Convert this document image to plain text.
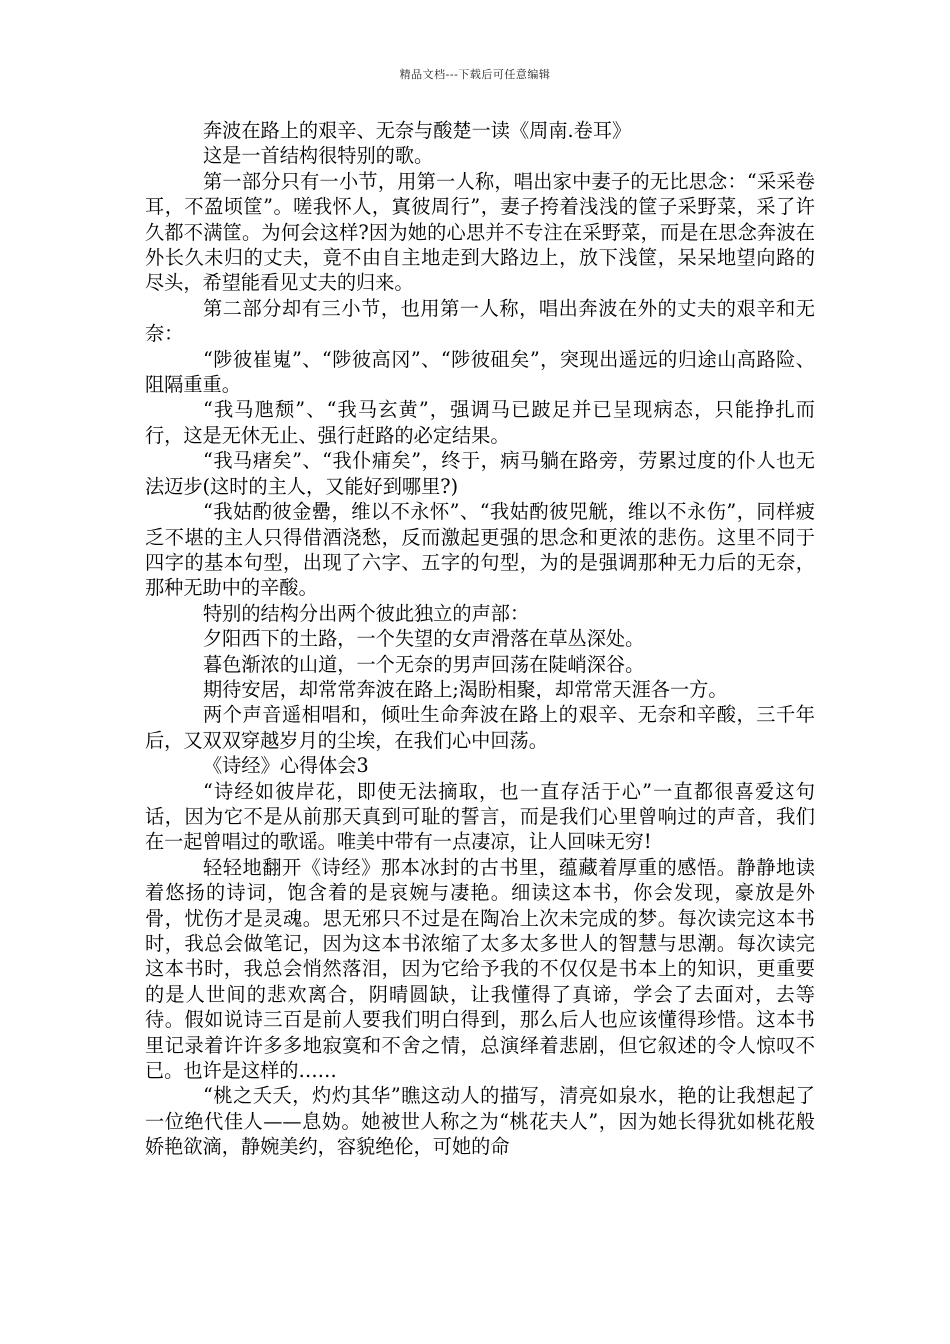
精品文档---下载后可任意编辑

奔波在路上的艰辛、无奈与酸楚一读《周南.卷耳》

这是一首结构很特别的歌。

第一部分只有一小节，用第一人称，唱出家中妻子的无比思念：“采采卷耳，不盈顷筐”。嗟我怀人，寘彼周行”，妻子挎着浅浅的筐子采野菜，采了许久都不满筐。为何会这样?因为她的心思并不专注在采野菜，而是在思念奔波在外长久未归的丈夫，竟不由自主地走到大路边上，放下浅筐，呆呆地望向路的尽头，希望能看见丈夫的归来。

第二部分却有三小节，也用第一人称，唱出奔波在外的丈夫的艰辛和无奈：

“陟彼崔嵬”、“陟彼高冈”、“陟彼砠矣”，突现出遥远的归途山高路险、阻隔重重。

“我马虺颓”、“我马玄黄”，强调马已跛足并已呈现病态，只能挣扎而行，这是无休无止、强行赶路的必定结果。

“我马瘏矣”、“我仆痡矣”，终于，病马躺在路旁，劳累过度的仆人也无法迈步(这时的主人，又能好到哪里?)

“我姑酌彼金罍，维以不永怀”、“我姑酌彼兕觥，维以不永伤”，同样疲乏不堪的主人只得借酒浇愁，反而激起更强的思念和更浓的悲伤。这里不同于四字的基本句型，出现了六字、五字的句型，为的是强调那种无力后的无奈，那种无助中的辛酸。

特别的结构分出两个彼此独立的声部：

夕阳西下的土路，一个失望的女声滑落在草丛深处。

暮色渐浓的山道，一个无奈的男声回荡在陡峭深谷。

期待安居，却常常奔波在路上;渴盼相聚，却常常天涯各一方。

两个声音遥相唱和，倾吐生命奔波在路上的艰辛、无奈和辛酸，三千年后，又双双穿越岁月的尘埃，在我们心中回荡。

《诗经》心得体会3

“诗经如彼岸花，即使无法摘取，也一直存活于心”一直都很喜爱这句话，因为它不是从前那天真到可耻的誓言，而是我们心里曾响过的声音，我们在一起曾唱过的歌谣。唯美中带有一点凄凉，让人回味无穷!

轻轻地翻开《诗经》那本冰封的古书里，蕴藏着厚重的感悟。静静地读着悠扬的诗词，饱含着的是哀婉与凄艳。细读这本书，你会发现，豪放是外骨，忧伤才是灵魂。思无邪只不过是在陶冶上次未完成的梦。每次读完这本书时，我总会做笔记，因为这本书浓缩了太多太多世人的智慧与思潮。每次读完这本书时，我总会悄然落泪，因为它给予我的不仅仅是书本上的知识，更重要的是人世间的悲欢离合，阴晴圆缺，让我懂得了真谛，学会了去面对，去等待。假如说诗三百是前人要我们明白得到，那么后人也应该懂得珍惜。这本书里记录着许许多多地寂寞和不舍之情，总演绎着悲剧，但它叙述的令人惊叹不已。也许是这样的……

“桃之夭夭，灼灼其华”瞧这动人的描写，清亮如泉水，艳的让我想起了一位绝代佳人——息妫。她被世人称之为“桃花夫人”，因为她长得犹如桃花般娇艳欲滴，静婉美约，容貌绝伦，可她的命
